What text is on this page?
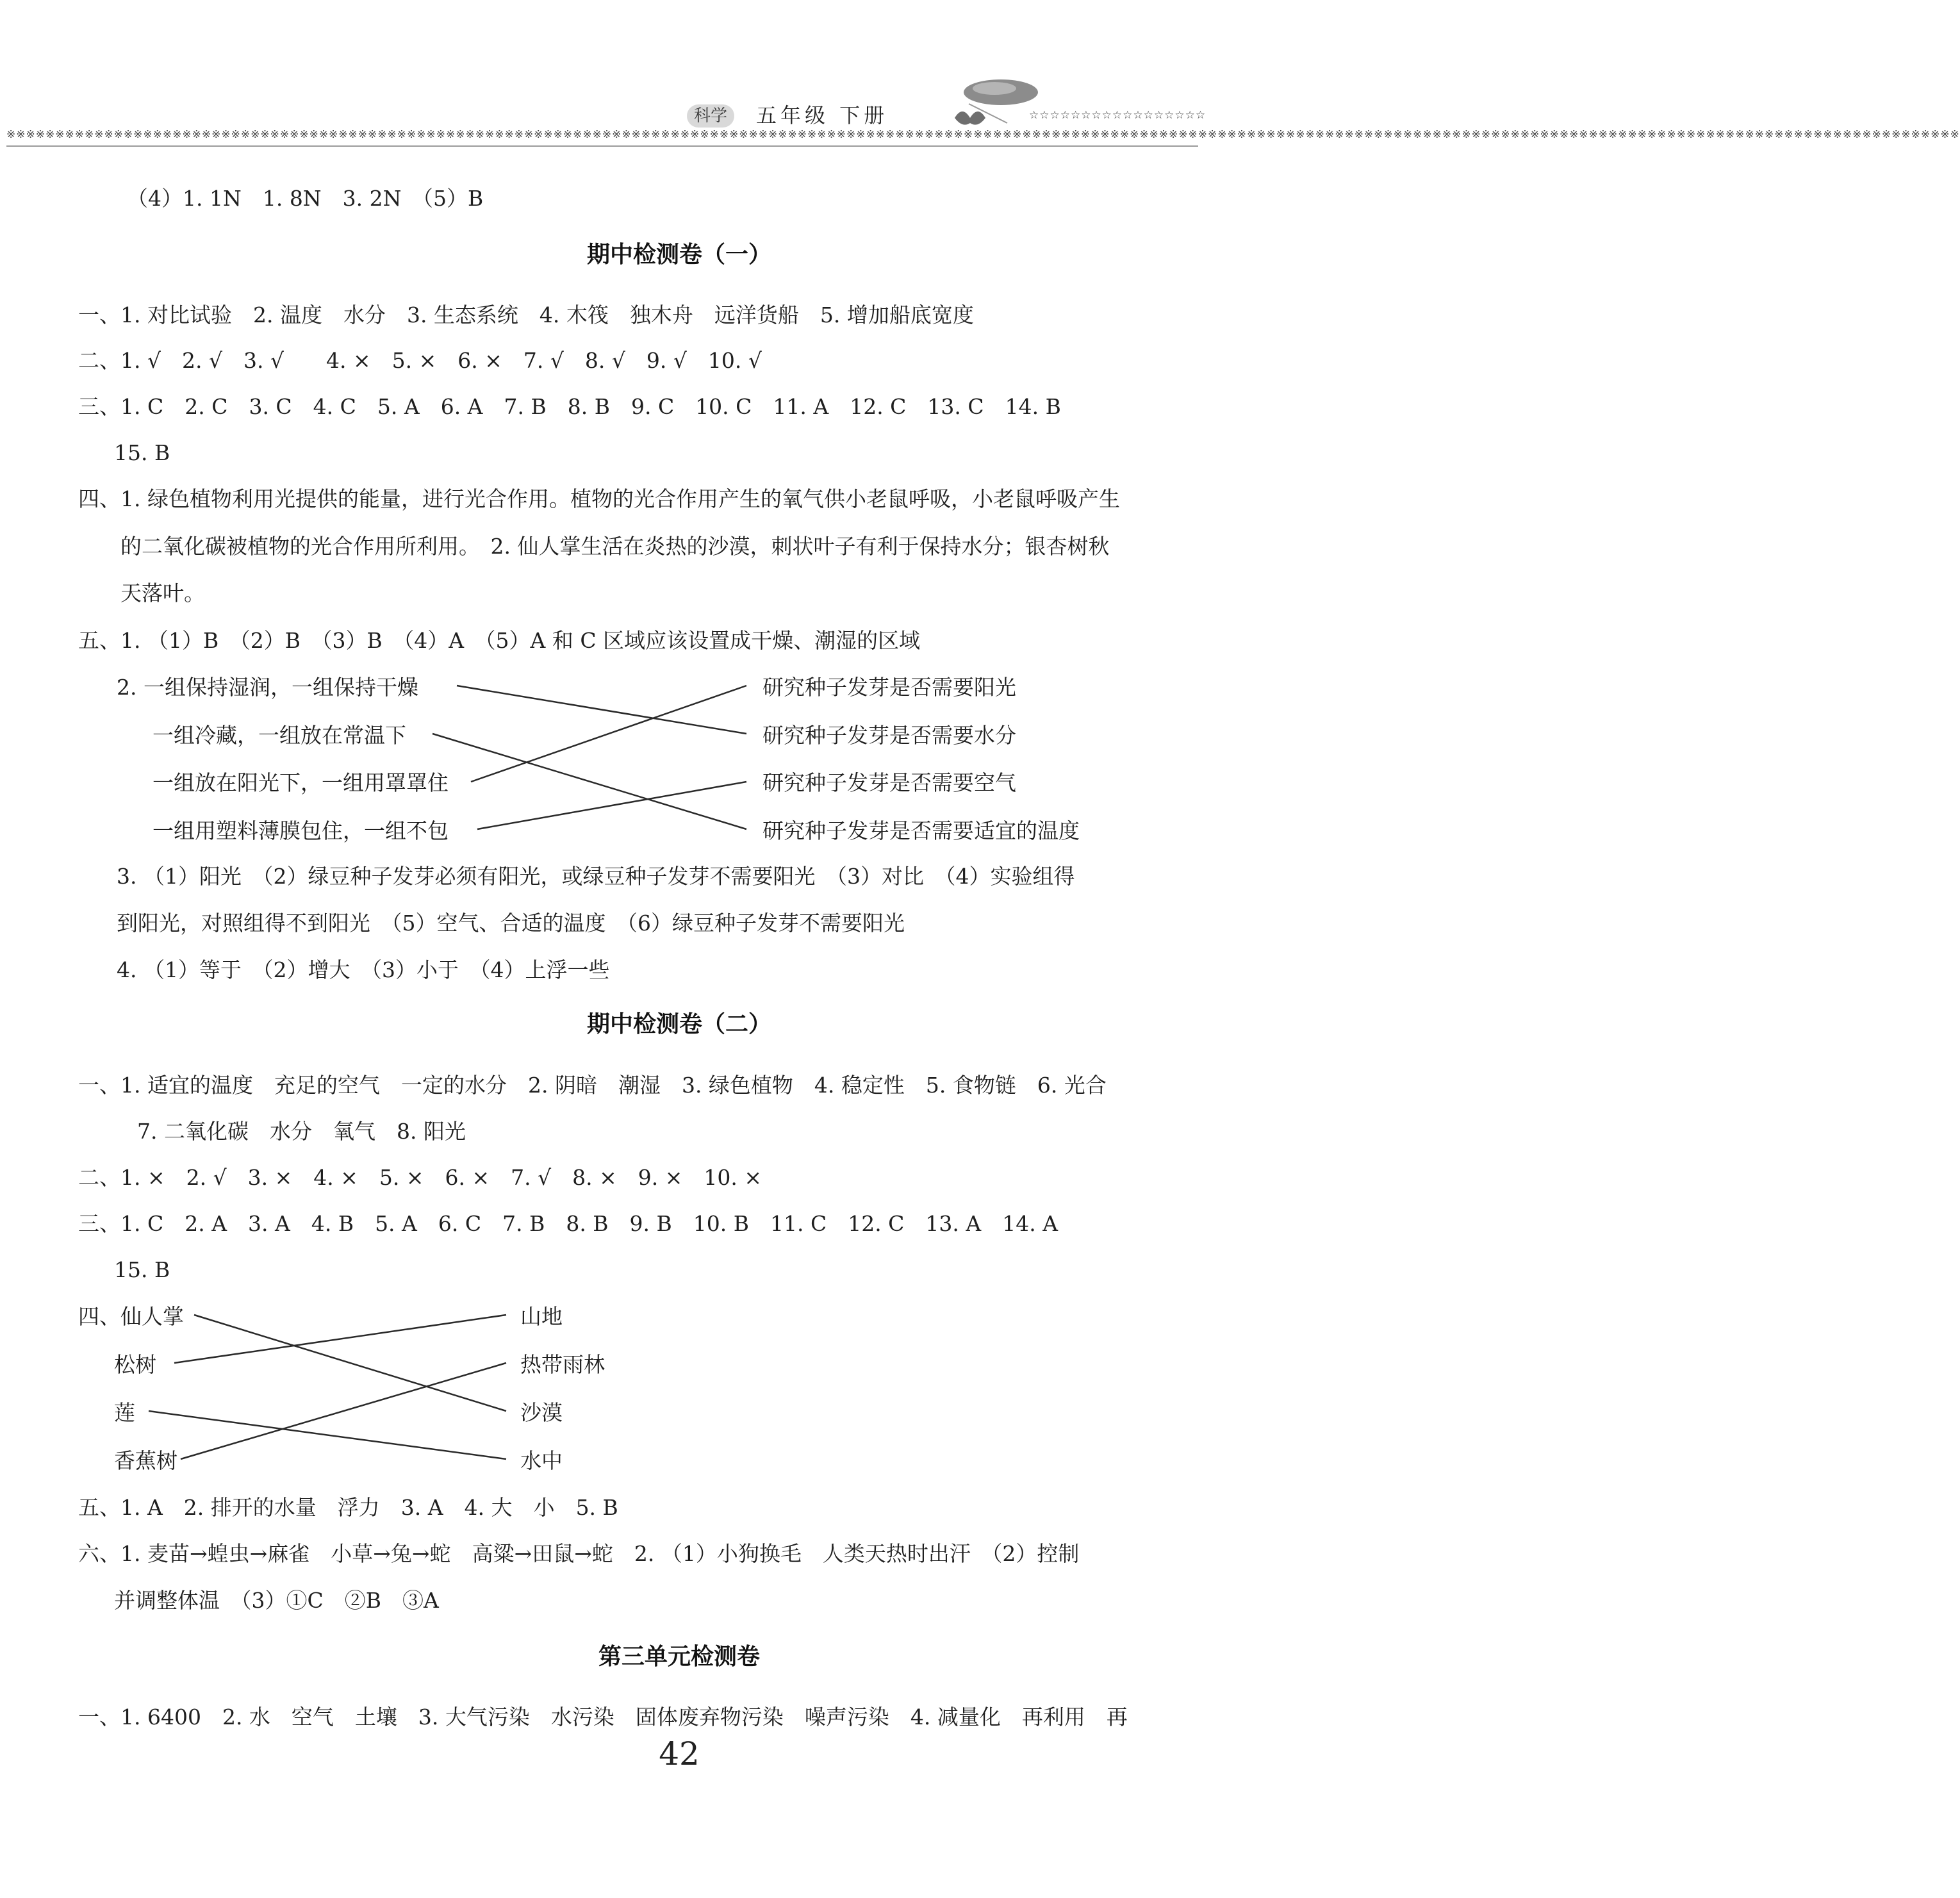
科学	五年级 下册	☆☆☆☆☆☆☆☆☆☆☆☆☆☆☆☆☆
※※※※※※※※※※※※※※※※※※※※※※※※※※※※※※※※※※※※※※※※※※※※※※※※※※※※※※※※※※※※※※※※※※※※※※※※※※※※※※※※※※※※※※※※※※※※※※※※※※※※※※※※※※※※※※※※※※※※※※※※※※※※※※※※※※※※※※※※※※※※※※※※※※※※※※※※※※※※※※※※※※※※※※※※※※※※※※※※※※※※※※※※※※※※※※※※※※※※※※※※
（4）1. 1N　1. 8N　3. 2N　（5）B
期中检测卷（一）
一、1. 对比试验　2. 温度　水分　3. 生态系统　4. 木筏　独木舟　远洋货船　5. 增加船底宽度
二、1. √　2. √　3. √　　4. ×　5. ×　6. ×　7. √　8. √　9. √　10. √
三、1. C　2. C　3. C　4. C　5. A　6. A　7. B　8. B　9. C　10. C　11. A　12. C　13. C　14. B
15. B
四、1. 绿色植物利用光提供的能量，进行光合作用。植物的光合作用产生的氧气供小老鼠呼吸，小老鼠呼吸产生
的二氧化碳被植物的光合作用所利用。　2. 仙人掌生活在炎热的沙漠，刺状叶子有利于保持水分；银杏树秋
天落叶。
五、1. （1）B　（2）B　（3）B　（4）A　（5）A 和 C 区域应该设置成干燥、潮湿的区域
2. 一组保持湿润，一组保持干燥
一组冷藏，一组放在常温下
一组放在阳光下，一组用罩罩住
一组用塑料薄膜包住，一组不包
研究种子发芽是否需要阳光
研究种子发芽是否需要水分
研究种子发芽是否需要空气
研究种子发芽是否需要适宜的温度
3. （1）阳光　（2）绿豆种子发芽必须有阳光，或绿豆种子发芽不需要阳光　（3）对比　（4）实验组得
到阳光，对照组得不到阳光　（5）空气、合适的温度　（6）绿豆种子发芽不需要阳光
4. （1）等于　（2）增大　（3）小于　（4）上浮一些
期中检测卷（二）
一、1. 适宜的温度　充足的空气　一定的水分　2. 阴暗　潮湿　3. 绿色植物　4. 稳定性　5. 食物链　6. 光合
7. 二氧化碳　水分　氧气　8. 阳光
二、1. ×　2. √　3. ×　4. ×　5. ×　6. ×　7. √　8. ×　9. ×　10. ×
三、1. C　2. A　3. A　4. B　5. A　6. C　7. B　8. B　9. B　10. B　11. C　12. C　13. A　14. A
15. B
四、仙人掌
松树
莲
香蕉树
山地
热带雨林
沙漠
水中
五、1. A　2. 排开的水量　浮力　3. A　4. 大　小　5. B
六、1. 麦苗→蝗虫→麻雀　小草→兔→蛇　高粱→田鼠→蛇　2. （1）小狗换毛　人类天热时出汗　（2）控制
并调整体温　（3）①C　②B　③A
第三单元检测卷
一、1. 6400　2. 水　空气　土壤　3. 大气污染　水污染　固体废弃物污染　噪声污染　4. 减量化　再利用　再
42
